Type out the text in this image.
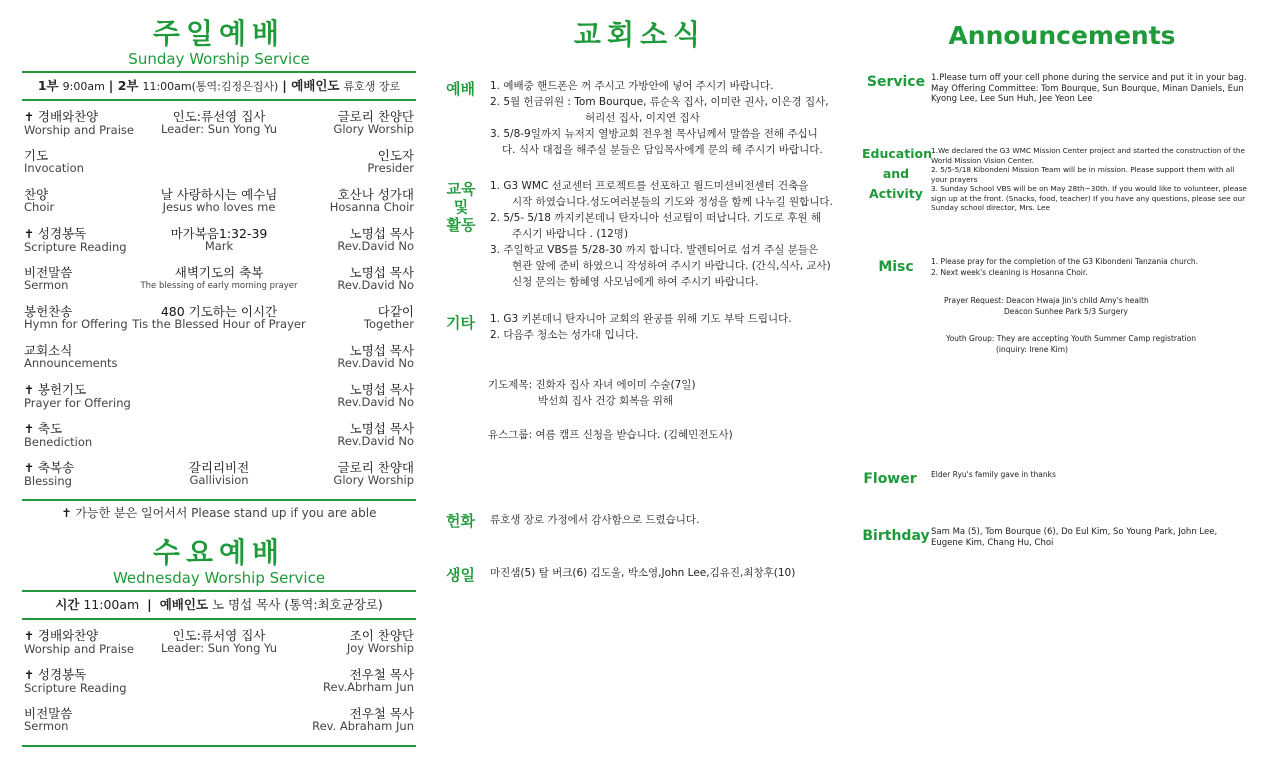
주일예배
Sunday Worship Service
1부 9:00am | 2부 11:00am(통역:김정은집사) | 예배인도 류호생 장로
✝ 경배와찬양
Worship and Praise
인도:류선영 집사
Leader: Sun Yong Yu
글로리 찬양단
Glory Worship
기도
Invocation
인도자
Presider
찬양
Choir
날 사랑하시는 예수님
Jesus who loves me
호산나 성가대
Hosanna Choir
✝ 성경봉독
Scripture Reading
마가복음1:32-39
Mark
노명섭 목사
Rev.David No
비전말씀
Sermon
새벽기도의 축복
The blessing of early morning prayer
노명섭 목사
Rev.David No
봉헌찬송
Hymn for Offering
480 기도하는 이시간
Tis the Blessed Hour of Prayer
다같이
Together
교회소식
Announcements
노명섭 목사
Rev.David No
✝ 봉헌기도
Prayer for Offering
노명섭 목사
Rev.David No
✝ 축도
Benediction
노명섭 목사
Rev.David No
✝ 축복송
Blessing
갈리리비전
Gallivision
글로리 찬양대
Glory Worship
✝ 가능한 분은 일어서서 Please stand up if you are able
수요예배
Wednesday Worship Service
시간 11:00am | 예배인도 노 명섭 목사 (통역:최호균장로)
✝ 경배와찬양
Worship and Praise
인도:류서영 집사
Leader: Sun Yong Yu
조이 찬양단
Joy Worship
✝ 성경봉독
Scripture Reading
전우철 목사
Rev.Abrham Jun
비전말씀
Sermon
전우철 목사
Rev. Abraham Jun
교회소식
예배 1. 예배중 핸드폰은 꺼 주시고 가방안에 넣어 주시기 바랍니다.
2. 5월 헌금위원 : Tom Bourque, 류순옥 집사, 이미란 권사, 이은경 집사,
허리선 집사, 이지연 집사
3. 5/8-9일까지 뉴저지 열방교회 전우철 목사님께서 말씀을 전해 주십니
다. 식사 대접을 해주실 분들은 담임목사에게 문의 해 주시기 바랍니다.
교육
및
활동
1. G3 WMC 선교센터 프로젝트를 선포하고 월드미션비전센터 건축을
시작 하였습니다.성도여러분들의 기도와 정성을 함께 나누길 원합니다.
2. 5/5- 5/18 까지키본데니 탄자니아 선교팀이 떠납니다. 기도로 후원 해
주시기 바랍니다 . (12명)
3. 주일학교 VBS를 5/28-30 까지 합니다. 발렌티어로 섬겨 주실 분들은
현관 앞에 준비 하였으니 작성하여 주시기 바랍니다. (간식,식사, 교사)
신청 문의는 함혜영 사모님에게 하여 주시기 바랍니다.
기타 1. G3 키본데니 탄자니아 교회의 완공를 위해 기도 부탁 드립니다.
2. 다음주 청소는 성가대 입니다.
기도제목: 진화자 집사 자녀 에이미 수술(7일)
박선희 집사 건강 회복을 위해
유스그룹: 여름 캠프 신청을 받습니다. (김혜민전도사)
헌화 류호생 장로 가정에서 감사함으로 드렸습니다.
생일 마진샘(5) 탐 버크(6) 김도울, 박소영,John Lee,김유진,최창후(10)
Announcements
Service 1.Please turn off your cell phone during the service and put it in your bag.
May Offering Committee: Tom Bourque, Sun Bourque, Minan Daniels, Eun
Kyong Lee, Lee Sun Huh, Jee Yeon Lee
Education
and
Activity
1.We declared the G3 WMC Mission Center project and started the construction of the
World Mission Vision Center.
2. 5/5-5/18 Kibondeni Mission Team will be in mission. Please support them with all
your prayers
3. Sunday School VBS will be on May 28th~30th. If you would like to volunteer, please
sign up at the front. (Snacks, food, teacher) If you have any questions, please see our
Sunday school director, Mrs. Lee
Misc	1. Please pray for the completion of the G3 Kibondeni Tanzania church.
2. Next week's cleaning is Hosanna Choir.
Prayer Request: Deacon Hwaja Jin's child Amy's health
Deacon Sunhee Park 5/3 Surgery
Youth Group: They are accepting Youth Summer Camp registration
(inquiry: Irene Kim)
Flower Elder Ryu's family gave in thanks
Birthday Sam Ma (5), Tom Bourque (6), Do Eul Kim, So Young Park, John Lee,
Eugene Kim, Chang Hu, Choi
